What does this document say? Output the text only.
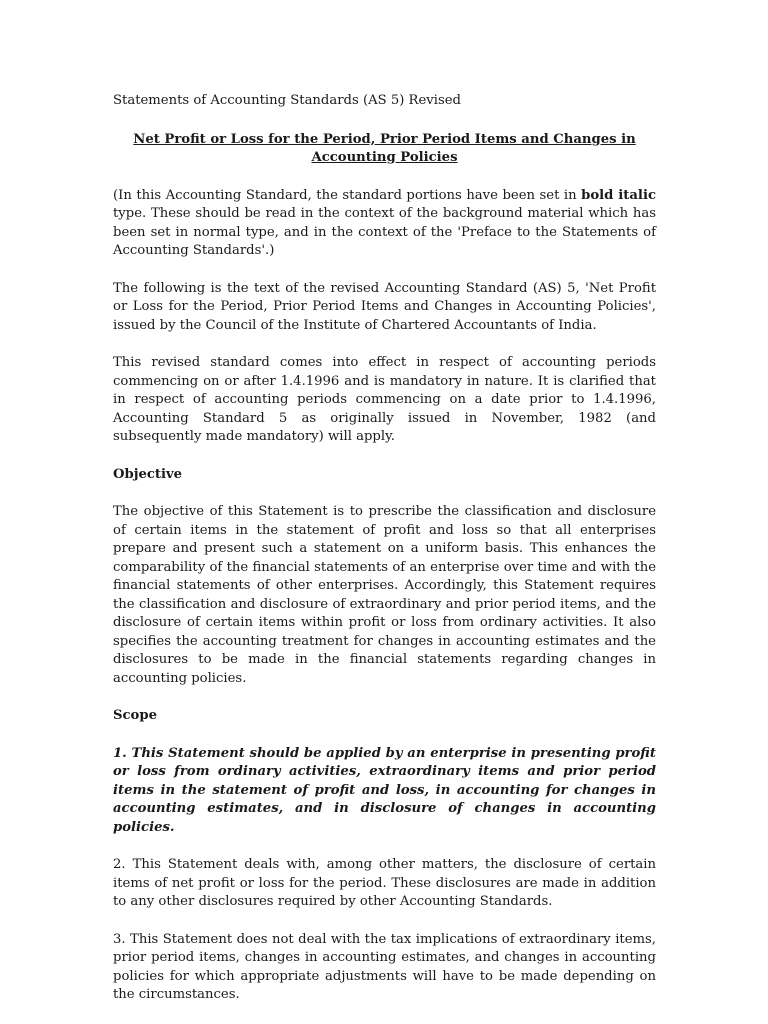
Statements of Accounting Standards (AS 5) Revised

Net Profit or Loss for the Period, Prior Period Items and Changes in Accounting Policies

(In this Accounting Standard, the standard portions have been set in bold italic type. These should be read in the context of the background material which has been set in normal type, and in the context of the 'Preface to the Statements of Accounting Standards'.)

The following is the text of the revised Accounting Standard (AS) 5, 'Net Profit or Loss for the Period, Prior Period Items and Changes in Accounting Policies', issued by the Council of the Institute of Chartered Accountants of India.

This revised standard comes into effect in respect of accounting periods commencing on or after 1.4.1996 and is mandatory in nature. It is clarified that in respect of accounting periods commencing on a date prior to 1.4.1996, Accounting Standard 5 as originally issued in November, 1982 (and subsequently made mandatory) will apply.

Objective

The objective of this Statement is to prescribe the classification and disclosure of certain items in the statement of profit and loss so that all enterprises prepare and present such a statement on a uniform basis. This enhances the comparability of the financial statements of an enterprise over time and with the financial statements of other enterprises. Accordingly, this Statement requires the classification and disclosure of extraordinary and prior period items, and the disclosure of certain items within profit or loss from ordinary activities. It also specifies the accounting treatment for changes in accounting estimates and the disclosures to be made in the financial statements regarding changes in accounting policies.

Scope

1. This Statement should be applied by an enterprise in presenting profit or loss from ordinary activities, extraordinary items and prior period items in the statement of profit and loss, in accounting for changes in accounting estimates, and in disclosure of changes in accounting policies.

2. This Statement deals with, among other matters, the disclosure of certain items of net profit or loss for the period. These disclosures are made in addition to any other disclosures required by other Accounting Standards.

3. This Statement does not deal with the tax implications of extraordinary items, prior period items, changes in accounting estimates, and changes in accounting policies for which appropriate adjustments will have to be made depending on the circumstances.
